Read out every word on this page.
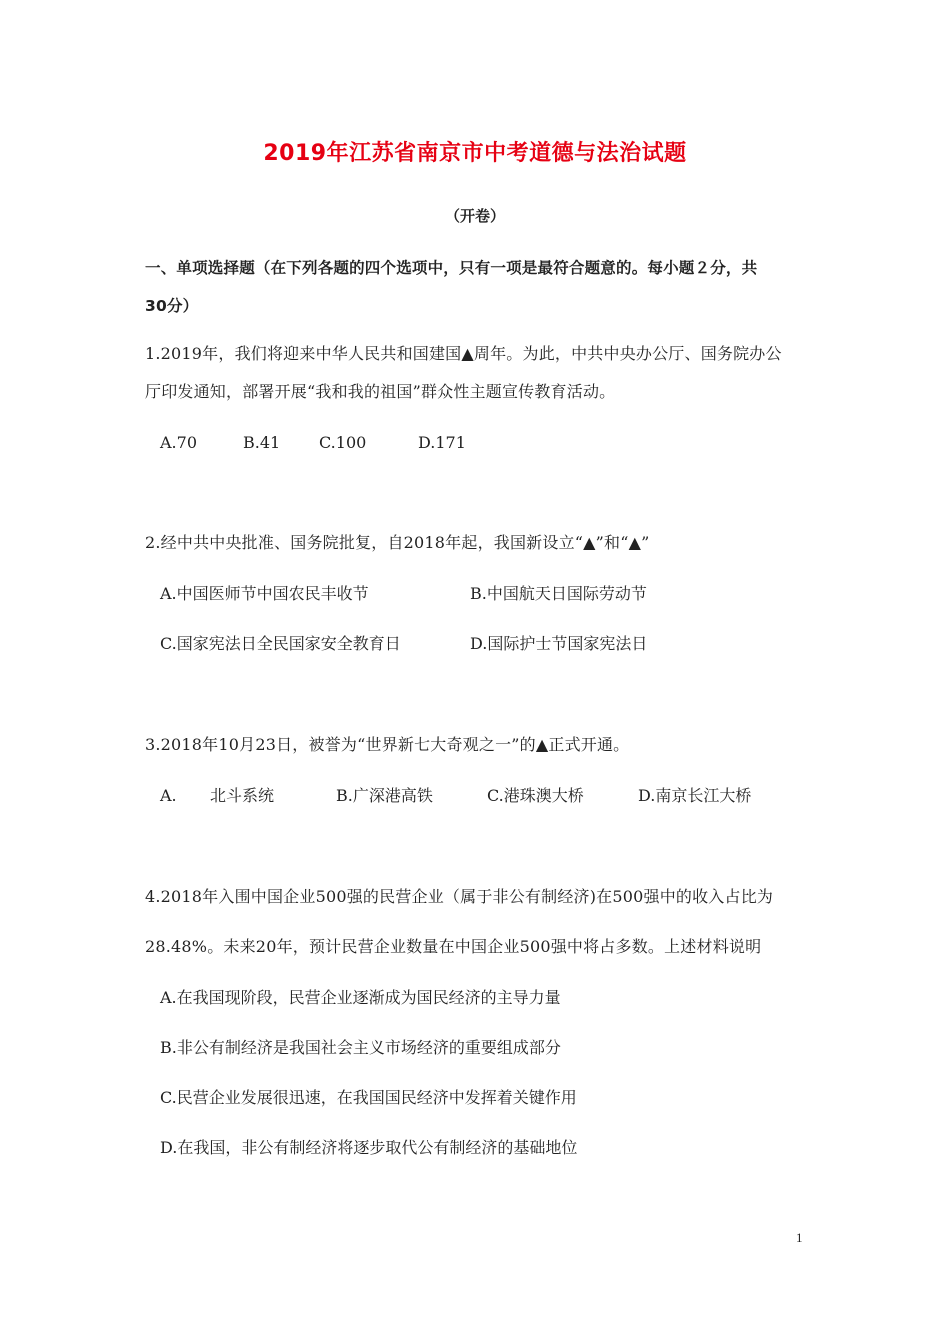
2019年江苏省南京市中考道德与法治试题
（开卷）
一、单项选择题（在下列各题的四个选项中，只有一项是最符合题意的。每小题２分，共
30分）
1.2019年，我们将迎来中华人民共和国建国▲周年。为此，中共中央办公厅、国务院办公
厅印发通知，部署开展“我和我的祖国”群众性主题宣传教育活动。
A.70	B.41 C.100	D.171
2.经中共中央批准、国务院批复，自2018年起，我国新设立“▲”和“▲”
A.中国医师节中国农民丰收节	B.中国航天日国际劳动节
C.国家宪法日全民国家安全教育日	D.国际护士节国家宪法日
3.2018年10月23日，被誉为“世界新七大奇观之一”的▲正式开通。
A. 北斗系统	B.广深港高铁	C.港珠澳大桥	D.南京长江大桥
4.2018年入围中国企业500强的民营企业（属于非公有制经济)在500强中的收入占比为
28.48%。未来20年，预计民营企业数量在中国企业500强中将占多数。上述材料说明
A.在我国现阶段，民营企业逐渐成为国民经济的主导力量
B.非公有制经济是我国社会主义市场经济的重要组成部分
C.民营企业发展很迅速，在我国国民经济中发挥着关键作用
D.在我国，非公有制经济将逐步取代公有制经济的基础地位
1
